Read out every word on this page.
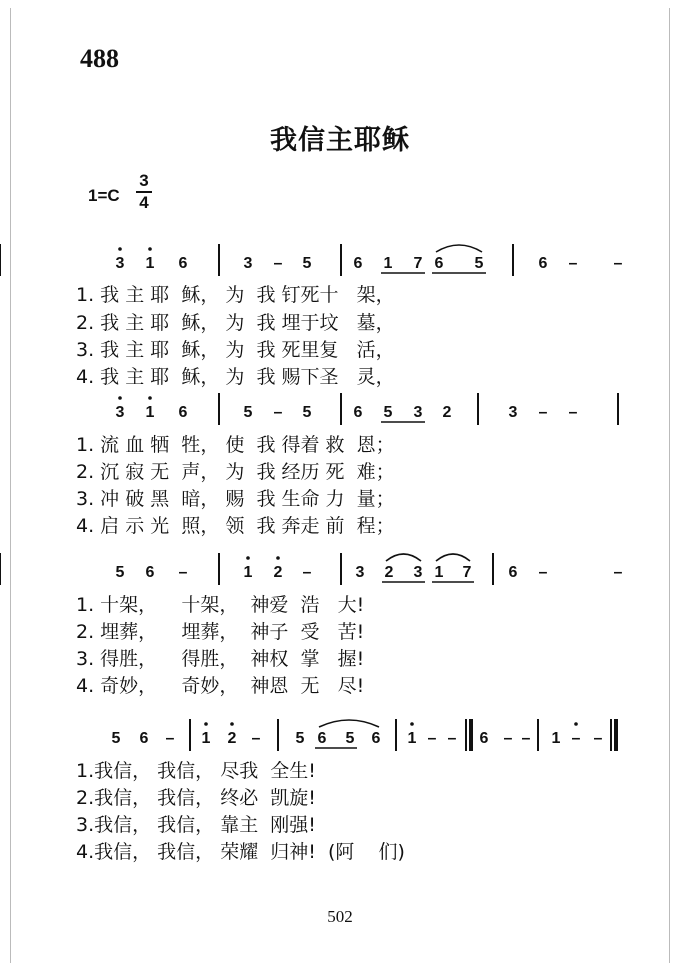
488
我信主耶稣
1=C
3
4
3 1 6	3 – 5	6 1 7 6 5	6 – –
3 1 6	5 – 5	6 5 3 2	3 – –
5 6 –	1 2 –	3 2 3 1 7 6 –	–
5 6 – 1 2 – 5 6 5 6 1 – – 6 – – 1 – –
1. 我 主 耶  稣， 为  我 钉死十   架，
2. 我 主 耶  稣， 为  我 埋于坟   墓，
3. 我 主 耶  稣， 为  我 死里复   活，
4. 我 主 耶  稣， 为  我 赐下圣   灵，
1. 流 血 牺  牲， 使  我 得着 救  恩；
2. 沉 寂 无  声， 为  我 经历 死  难；
3. 冲 破 黑  暗， 赐  我 生命 力  量；
4. 启 示 光  照， 领  我 奔走 前  程；
1. 十架，    十架，  神爱  浩   大!
2. 埋葬，    埋葬，  神子  受   苦!
3. 得胜，    得胜，  神权  掌   握!
4. 奇妙，    奇妙，  神恩  无   尽!
1.我信， 我信， 尽我  全生!
2.我信， 我信， 终必  凯旋!
3.我信， 我信， 靠主  刚强!
4.我信， 我信， 荣耀  归神!  (阿    们)
502
